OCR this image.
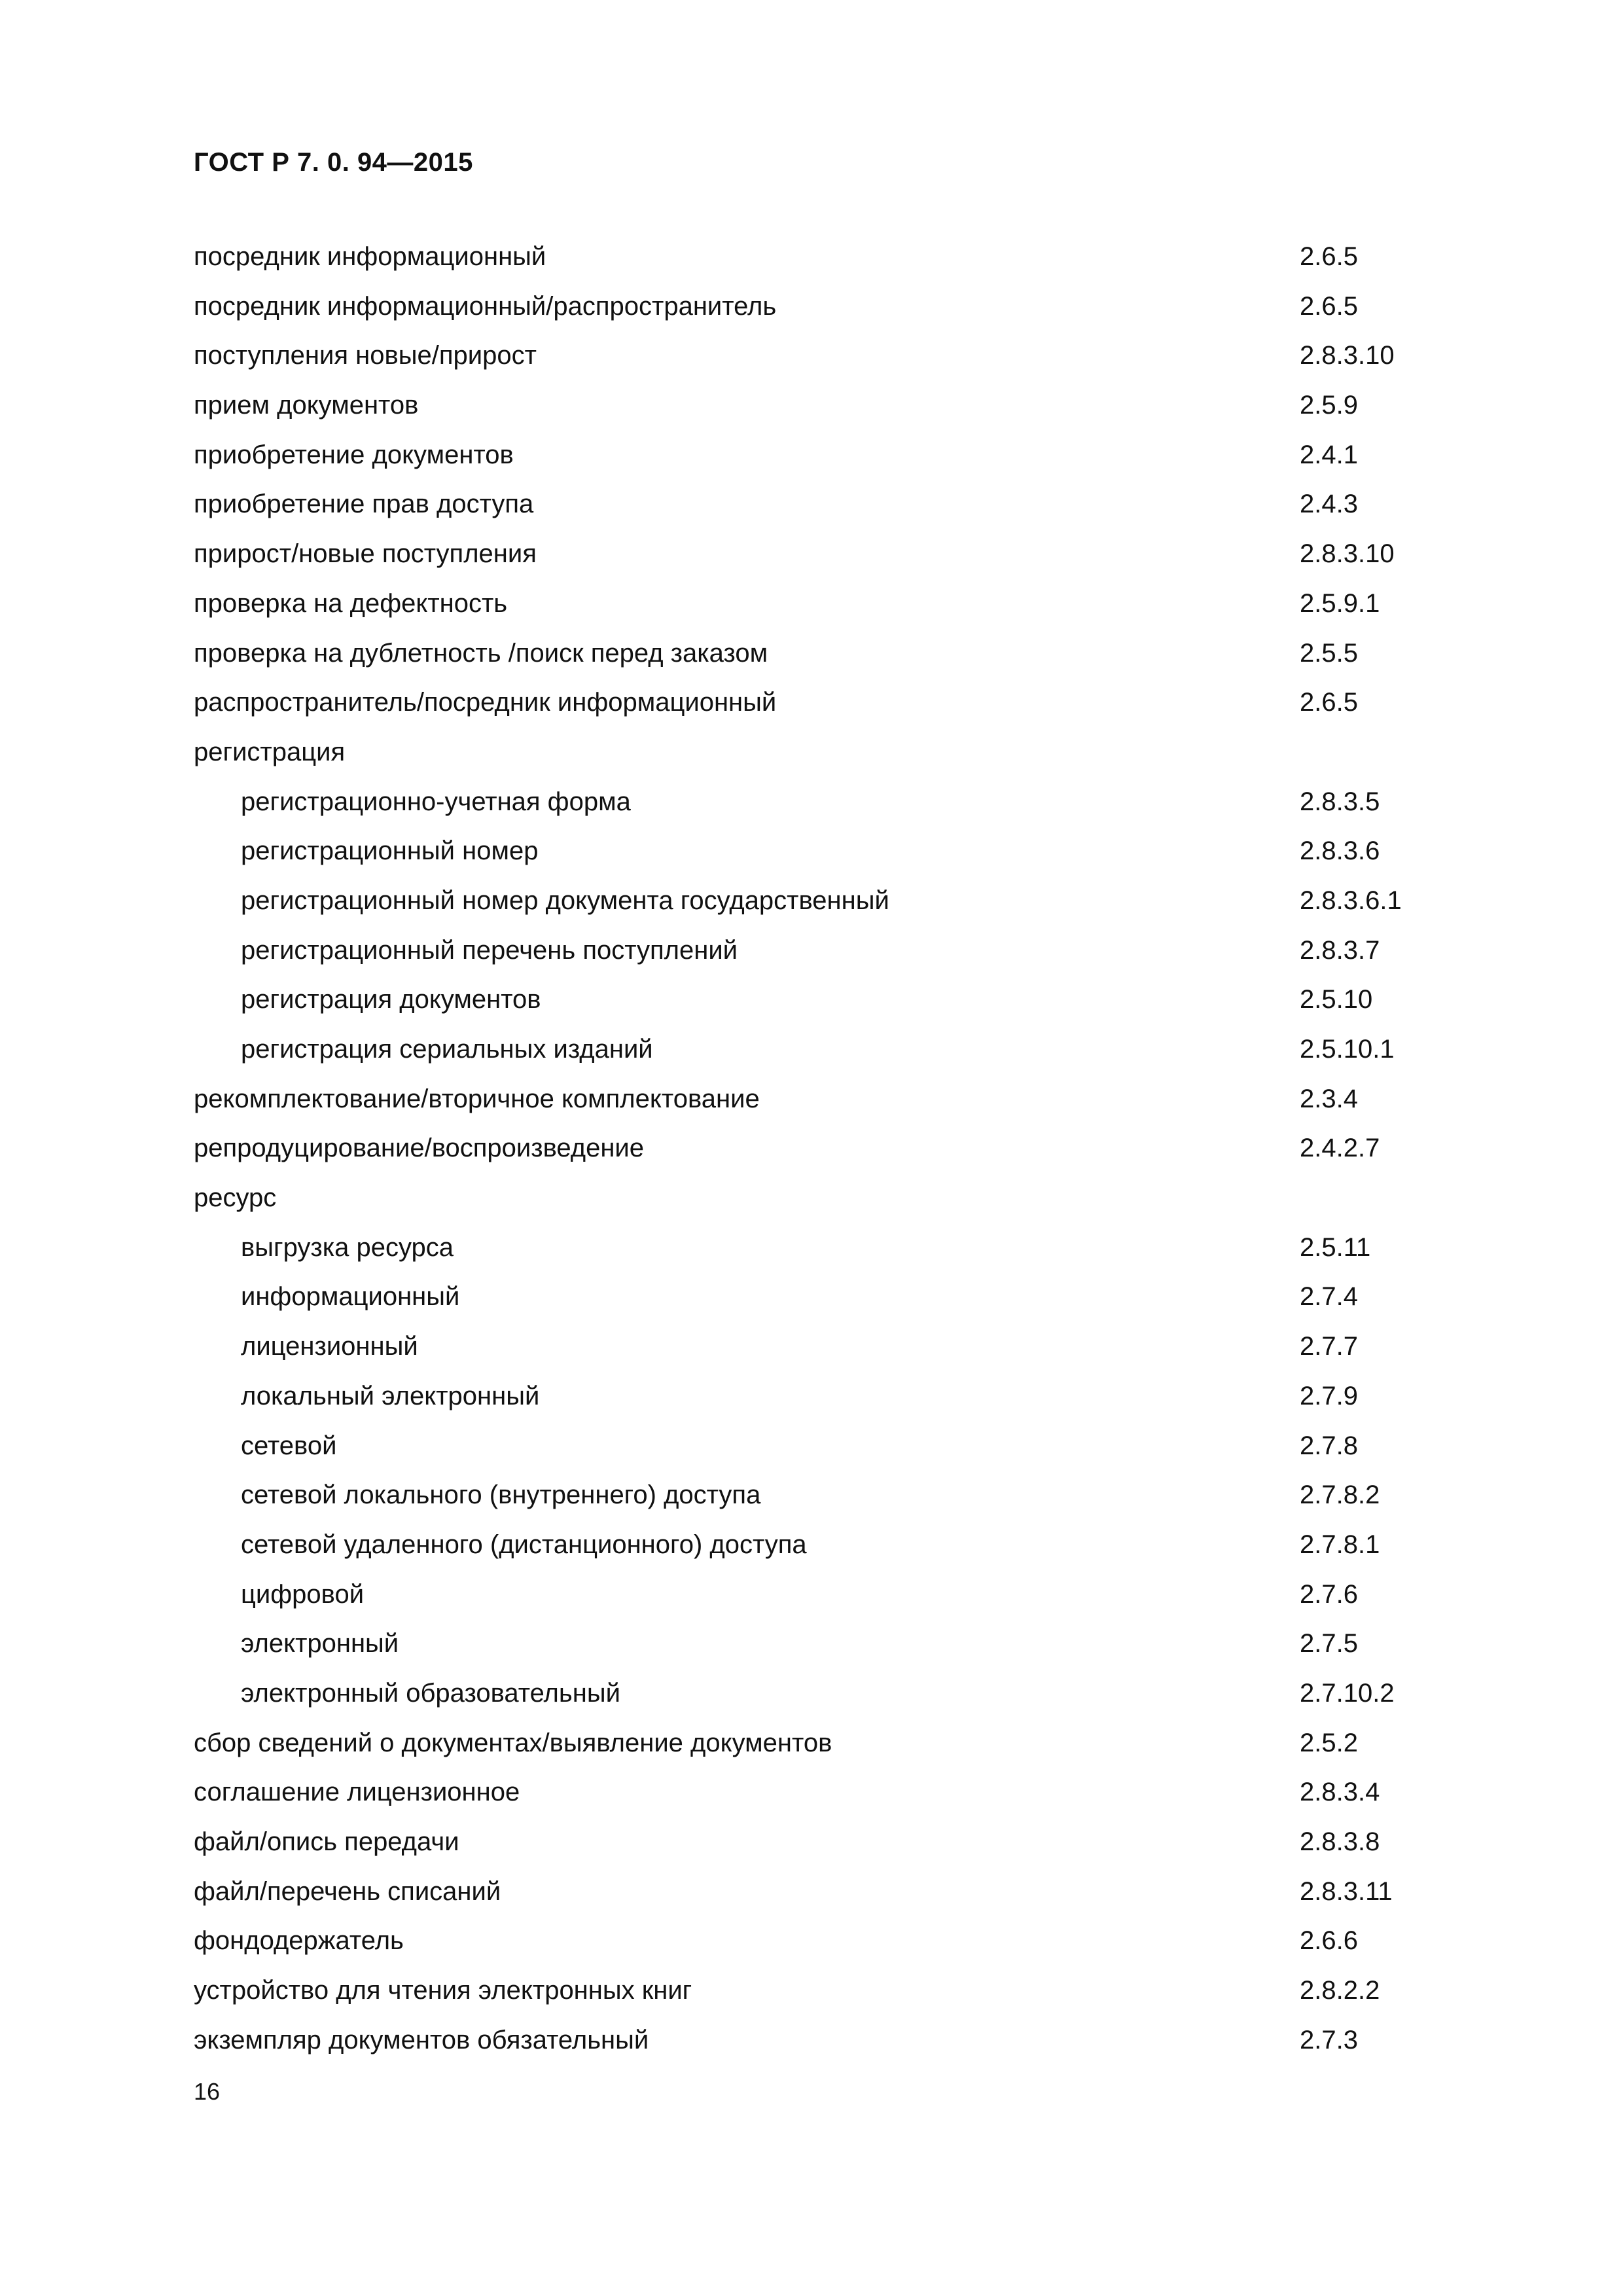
ГОСТ Р 7. 0. 94—2015
посредник информационный	2.6.5
посредник информационный/распространитель	2.6.5
поступления новые/прирост	2.8.3.10
прием документов	2.5.9
приобретение документов	2.4.1
приобретение прав доступа	2.4.3
прирост/новые поступления	2.8.3.10
проверка на дефектность	2.5.9.1
проверка на дублетность /поиск перед заказом	2.5.5
распространитель/посредник информационный	2.6.5
регистрация
регистрационно-учетная форма	2.8.3.5
регистрационный номер	2.8.3.6
регистрационный номер документа государственный	2.8.3.6.1
регистрационный перечень поступлений	2.8.3.7
регистрация документов	2.5.10
регистрация сериальных изданий	2.5.10.1
рекомплектование/вторичное комплектование	2.3.4
репродуцирование/воспроизведение	2.4.2.7
ресурс
выгрузка ресурса	2.5.11
информационный	2.7.4
лицензионный	2.7.7
локальный электронный	2.7.9
сетевой	2.7.8
сетевой локального (внутреннего) доступа	2.7.8.2
сетевой удаленного (дистанционного) доступа	2.7.8.1
цифровой	2.7.6
электронный	2.7.5
электронный образовательный	2.7.10.2
сбор сведений о документах/выявление документов	2.5.2
соглашение лицензионное	2.8.3.4
файл/опись передачи	2.8.3.8
файл/перечень списаний	2.8.3.11
фондодержатель	2.6.6
устройство для чтения электронных книг	2.8.2.2
экземпляр документов обязательный	2.7.3
16
